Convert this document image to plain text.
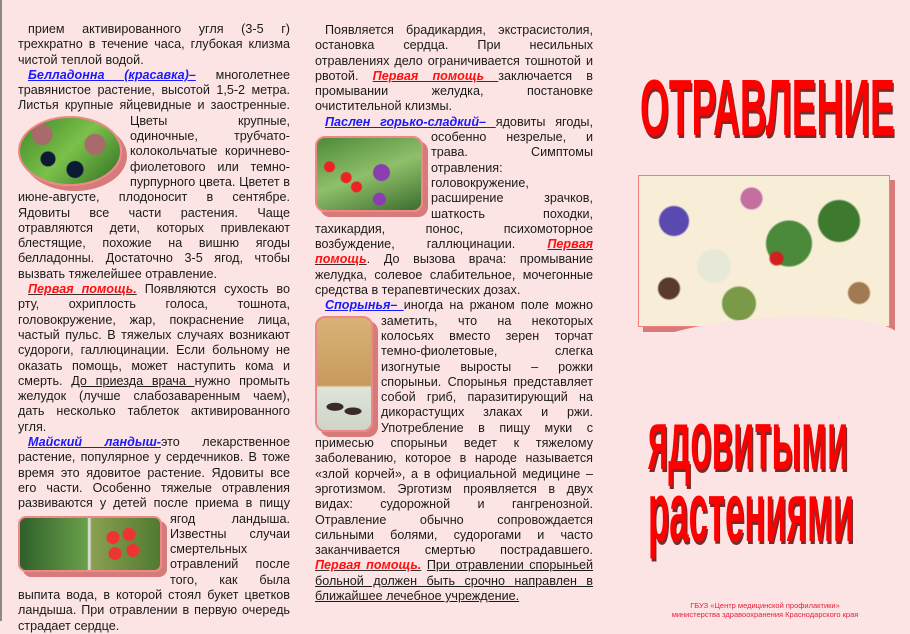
прием активированного угля (3-5 г) трехкратно в течение часа, глубокая клизма чистой теплой водой.

Белладонна (красавка)– многолетнее травянистое растение, высотой 1,5-2 метра. Листья крупные яйцевидные и заостренные.
Цветы крупные, одиночные, трубчато-колокольчатые коричнево-фиолетового или темно-пурпурного цвета. Цветет в июне-августе, плодоносит в сентябре. Ядовиты все части растения. Чаще отравляются дети, которых привлекают блестящие, похожие на вишню ягоды белладонны. Достаточно 3-5 ягод, чтобы вызвать тяжелейшее отравление.

Первая помощь. Появляются сухость во рту, охриплость голоса, тошнота, головокружение, жар, покраснение лица, частый пульс. В тяжелых случаях возникают судороги, галлюцинации. Если больному не оказать помощь, может наступить кома и смерть. До приезда врача нужно промыть желудок (лучше слабозаваренным чаем), дать несколько таблеток активированного угля.

Майский ландыш-это лекарственное растение, популярное у сердечников. В тоже время это ядовитое растение. Ядовиты все его части. Особенно тяжелые отравления развиваются у детей после приема в пищу
ягод ландыша. Известны случаи смертельных отравлений после того, как была выпита вода, в которой стоял букет цветков ландыша. При отравлении в первую очередь страдает сердце.

Появляется брадикардия, экстрасистолия, остановка сердца. При несильных отравлениях дело ограничивается тошнотой и рвотой. Первая помощь заключается в промывании желудка, постановке очистительной клизмы.

Паслен горько-сладкий– ядовиты ягоды,
особенно незрелые, и трава. Симптомы отравления: головокружение, расширение зрачков, шаткость походки, тахикардия, понос, психомоторное возбуждение, галлюцинации. Первая помощь. До вызова врача: промывание желудка, солевое слабительное, мочегонные средства в терапевтических дозах.

Спорынья– иногда на ржаном поле можно
заметить, что на некоторых колосьях вместо зерен торчат темно-фиолетовые, слегка изогнутые выросты – рожки спорыньи. Спорынья представляет собой гриб, паразитирующий на дикорастущих злаках и ржи. Употребление в пищу муки с примесью спорыньи ведет к тяжелому заболеванию, которое в народе называется «злой корчей», а в официальной медицине – эрготизмом. Эрготизм проявляется в двух видах: судорожной и гангренозной. Отравление обычно сопровождается сильными болями, судорогами и часто заканчивается смертью пострадавшего. Первая помощь. При отравлении спорыньей больной должен быть срочно направлен в ближайшее лечебное учреждение.

ОТРАВЛЕНИЕ
ядовитыми
растениями
ГБУЗ «Центр медицинской профилактики»
министерства здравоохранения Краснодарского края
